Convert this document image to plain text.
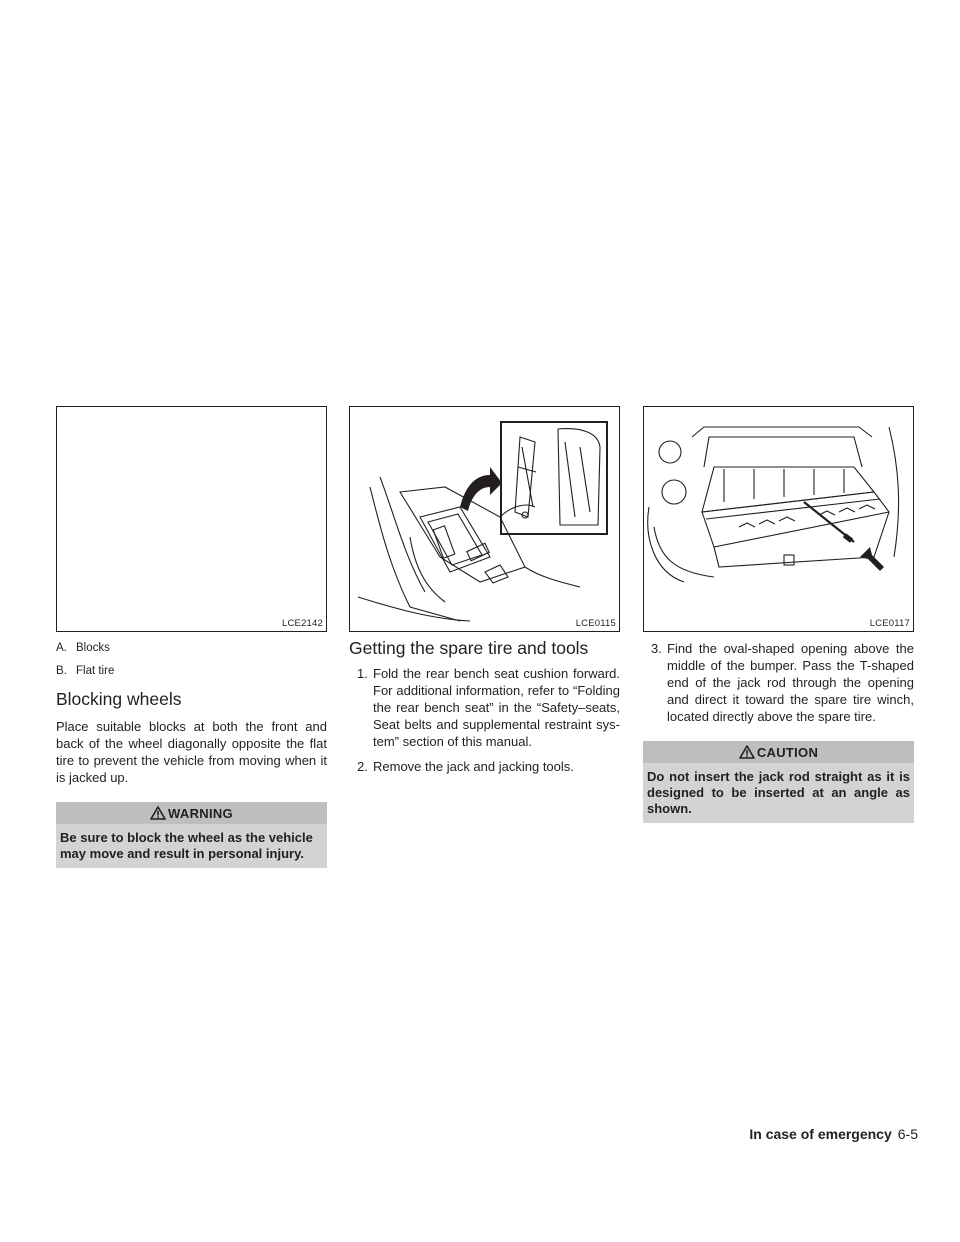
LCE2142	LCE0115	LCE0117
A. Blocks
B. Flat tire
Blocking wheels

Place suitable blocks at both the front and back of the wheel diagonally opposite the flat tire to prevent the vehicle from moving when it is jacked up.

WARNING
Be sure to block the wheel as the vehicle may move and result in personal injury.
Getting the spare tire and tools
1. Fold the rear bench seat cushion forward. For additional information, refer to “Folding the rear bench seat” in the “Safety–seats, Seat belts and supplemental restraint sys-tem” section of this manual.
2. Remove the jack and jacking tools.
3. Find the oval-shaped opening above the middle of the bumper. Pass the T-shaped end of the jack rod through the opening and direct it toward the spare tire winch, located directly above the spare tire.
CAUTION
Do not insert the jack rod straight as it is designed to be inserted at an angle as shown.
In case of emergency 6-5
